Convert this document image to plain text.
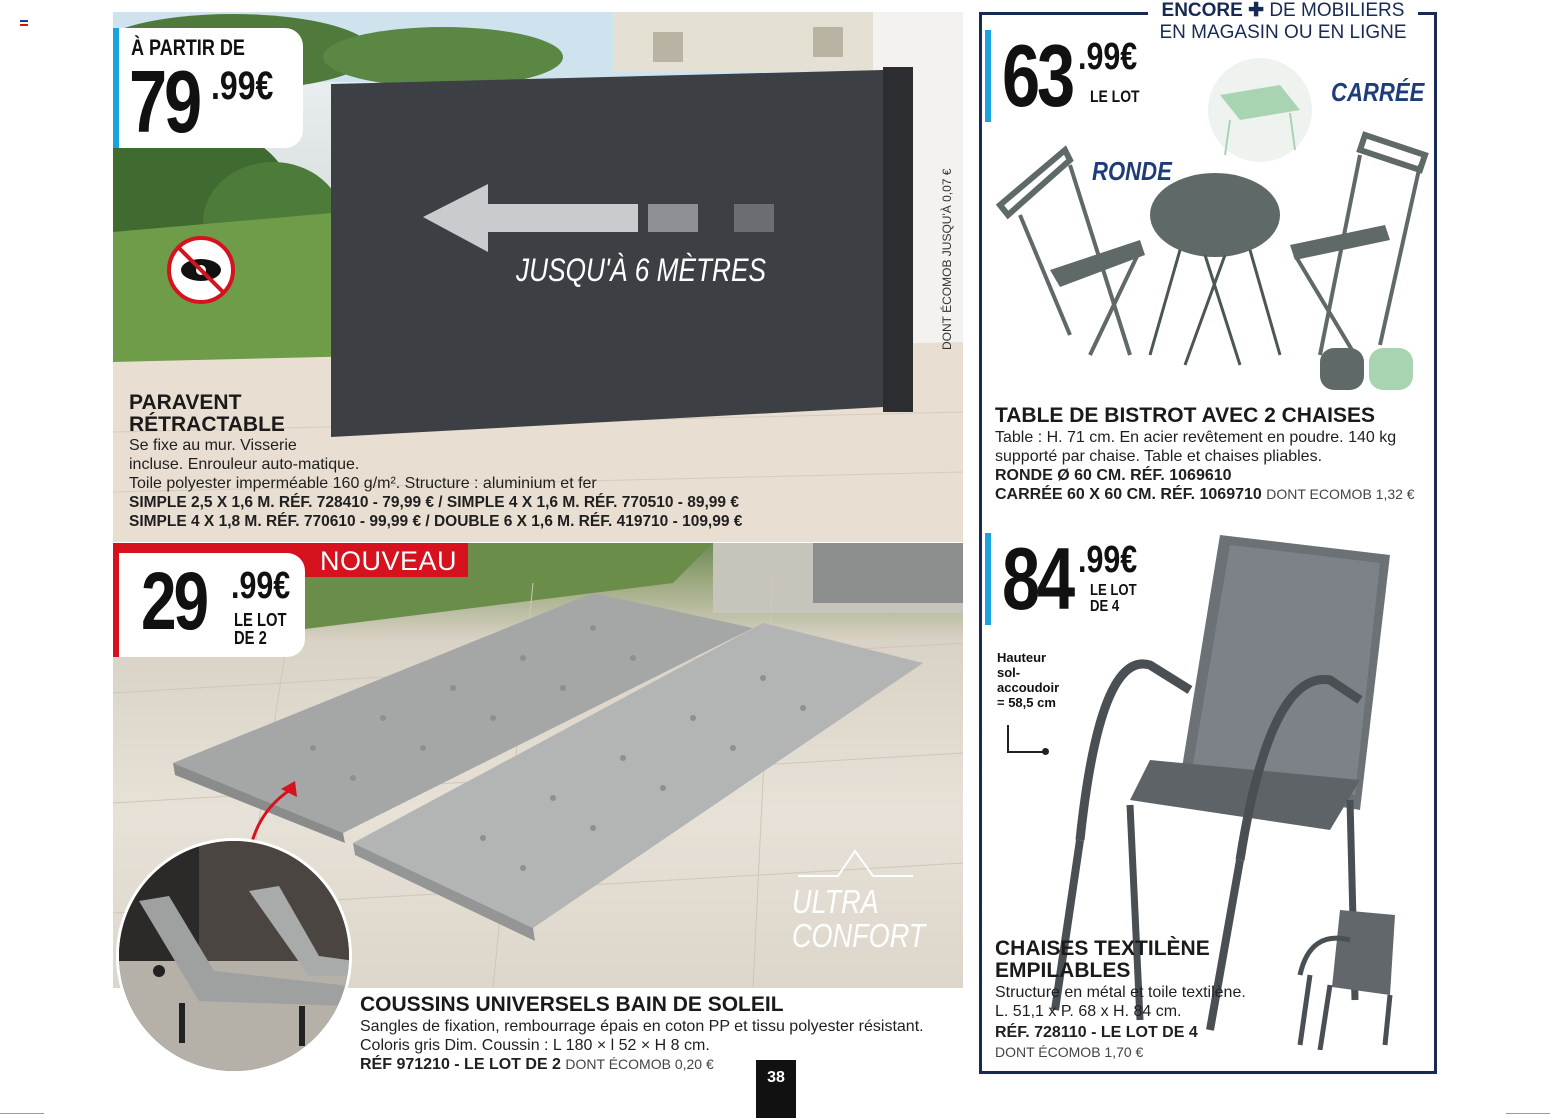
À PARTIR DE
79 .99€
JUSQU'À 6 MÈTRES	DONT ÉCOMOB JUSQU'À 0,07 €
PARAVENT
RÉTRACTABLE
Se fixe au mur. Visserie
incluse. Enrouleur auto-matique.
Toile polyester imperméable 160 g/m². Structure : aluminium et fer
SIMPLE 2,5 X 1,6 M. RÉF. 728410 - 79,99 € / SIMPLE 4 X 1,6 M. RÉF. 770510 - 89,99 €
SIMPLE 4 X 1,8 M. RÉF. 770610 - 99,99 € / DOUBLE 6 X 1,6 M. RÉF. 419710 - 109,99 €
NOUVEAU
29 .99€
LE LOT
DE 2
ULTRA
CONFORT
COUSSINS UNIVERSELS BAIN DE SOLEIL
Sangles de fixation, rembourrage épais en coton PP et tissu polyester résistant.
Coloris gris Dim. Coussin : L 180 × l 52 × H 8 cm.
RÉF 971210 - LE LOT DE 2 DONT ÉCOMOB 0,20 €
38
ENCORE ✚ DE MOBILIERS
EN MAGASIN OU EN LIGNE
63 .99€
LE LOT	CARRÉE
RONDE
TABLE DE BISTROT AVEC 2 CHAISES
Table : H. 71 cm. En acier revêtement en poudre. 140 kg
supporté par chaise. Table et chaises pliables.
RONDE Ø 60 CM. RÉF. 1069610
CARRÉE 60 X 60 CM. RÉF. 1069710 DONT ECOMOB 1,32 €
84 .99€
LE LOT
DE 4
Hauteur
sol-
accoudoir
= 58,5 cm
CHAISES TEXTILÈNE
EMPILABLES
Structure en métal et toile textilène.
L. 51,1 x P. 68 x H. 84 cm.
RÉF. 728110 - LE LOT DE 4
DONT ÉCOMOB 1,70 €
